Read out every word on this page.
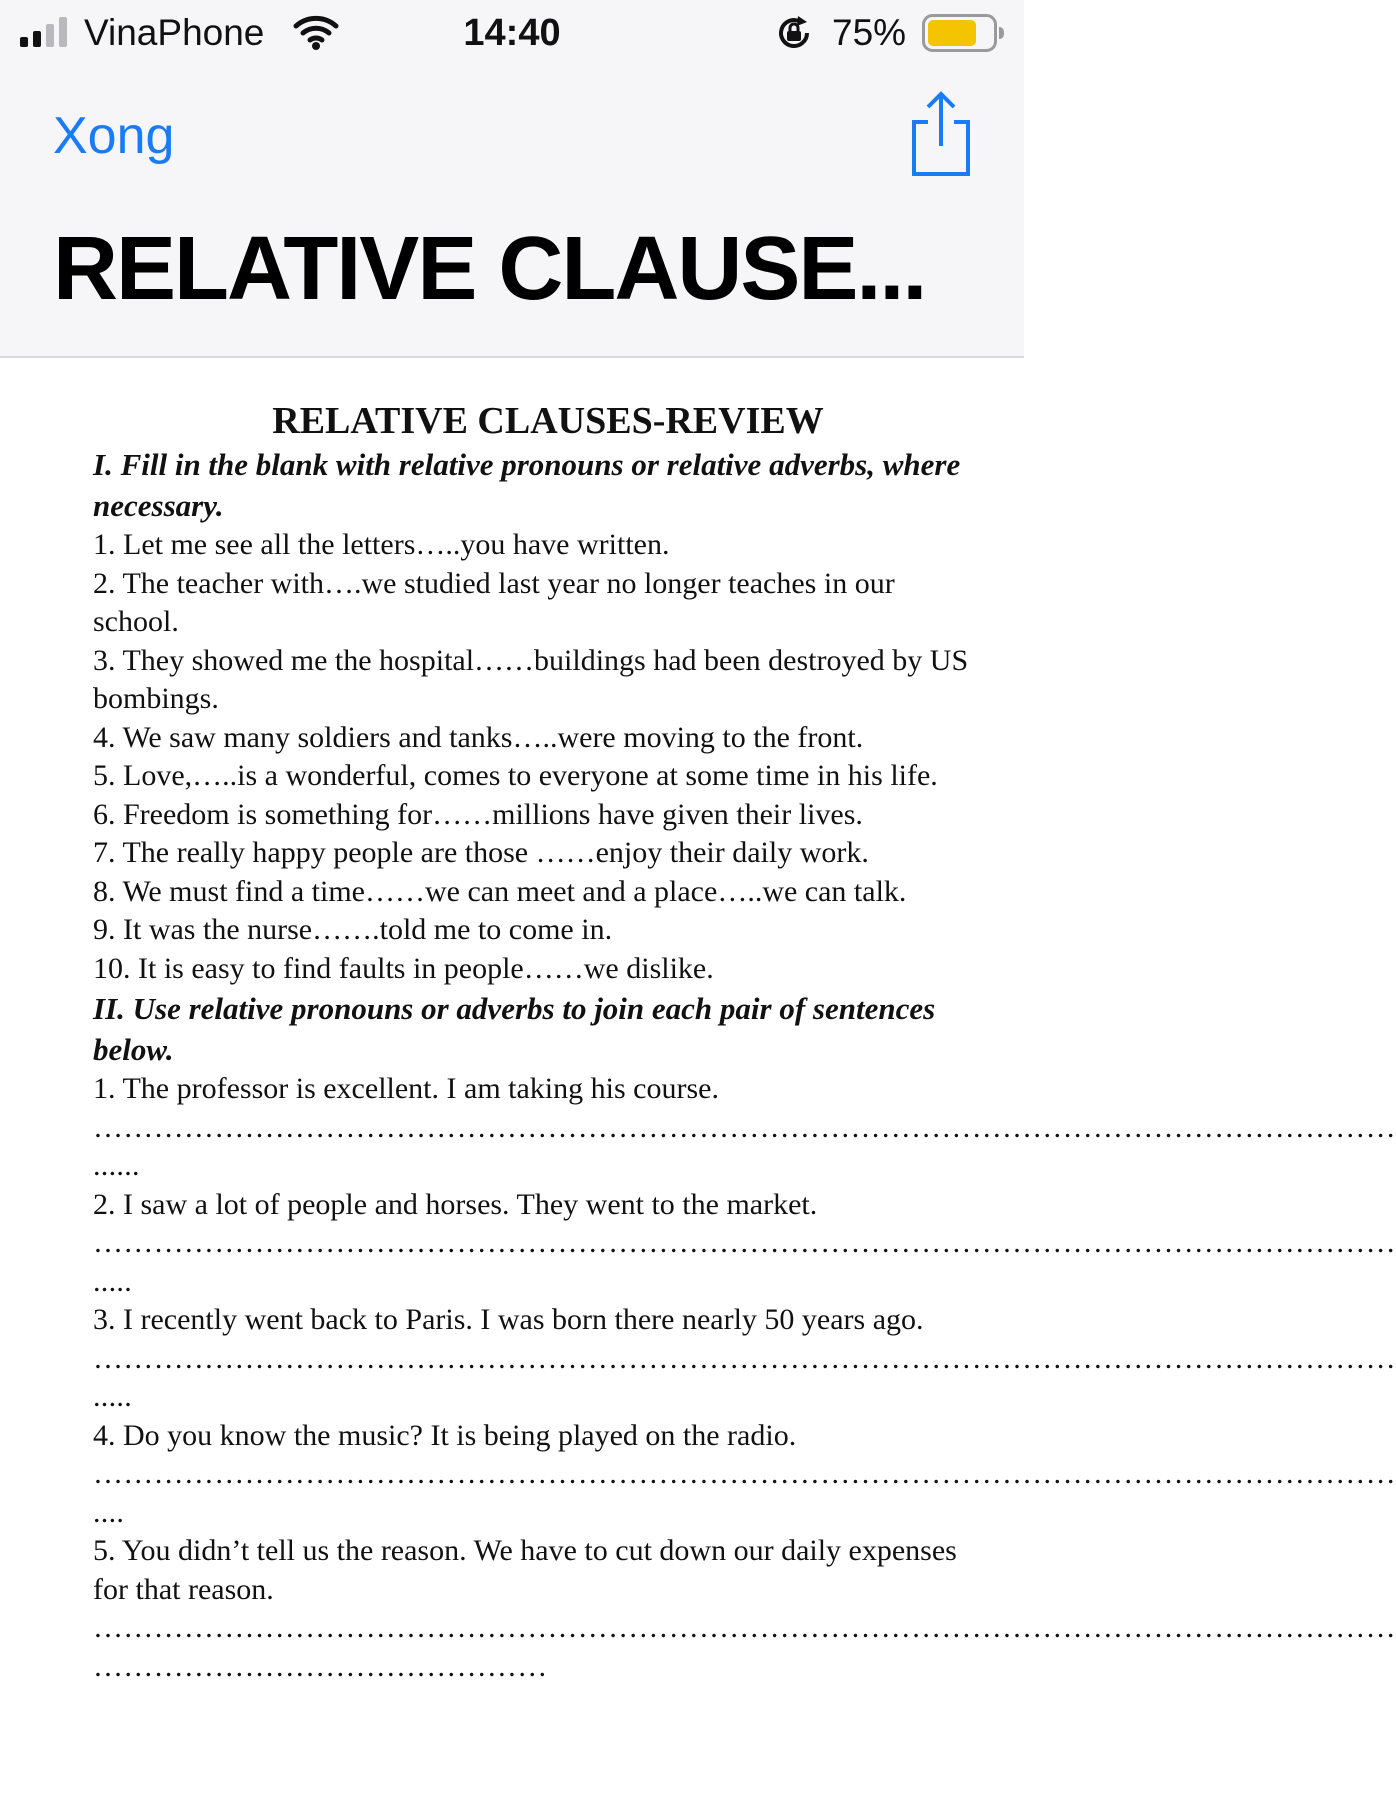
VinaPhone	14:40	75%
Xong
RELATIVE CLAUSE...
RELATIVE CLAUSES-REVIEW
I. Fill in the blank with relative pronouns or relative adverbs, where necessary.
1. Let me see all the letters…..you have written.
2. The teacher with….we studied last year no longer teaches in our school.
3. They showed me the hospital……buildings had been destroyed by US bombings.
4. We saw many soldiers and tanks…..were moving to the front.
5. Love,…..is a wonderful, comes to everyone at some time in his life.
6. Freedom is something for……millions have given their lives.
7. The really happy people are those ……enjoy their daily work.
8. We must find a time……we can meet and a place…..we can talk.
9. It was the nurse…….told me to come in.
10. It is easy to find faults in people……we dislike.
II. Use relative pronouns or adverbs to join each pair of sentences below.
1. The professor is excellent. I am taking his course.
…………………………………………………………………………………………………………………
......
2. I saw a lot of people and horses. They went to the market.
…………………………………………………………………………………………………………………
.....
3. I recently went back to Paris. I was born there nearly 50 years ago.
…………………………………………………………………………………………………………………
.....
4. Do you know the music? It is being played on the radio.
…………………………………………………………………………………………………………………
....
5. You didn’t tell us the reason. We have to cut down our daily expenses for that reason.
…………………………………………………………………………………………………………………
………………………………………
